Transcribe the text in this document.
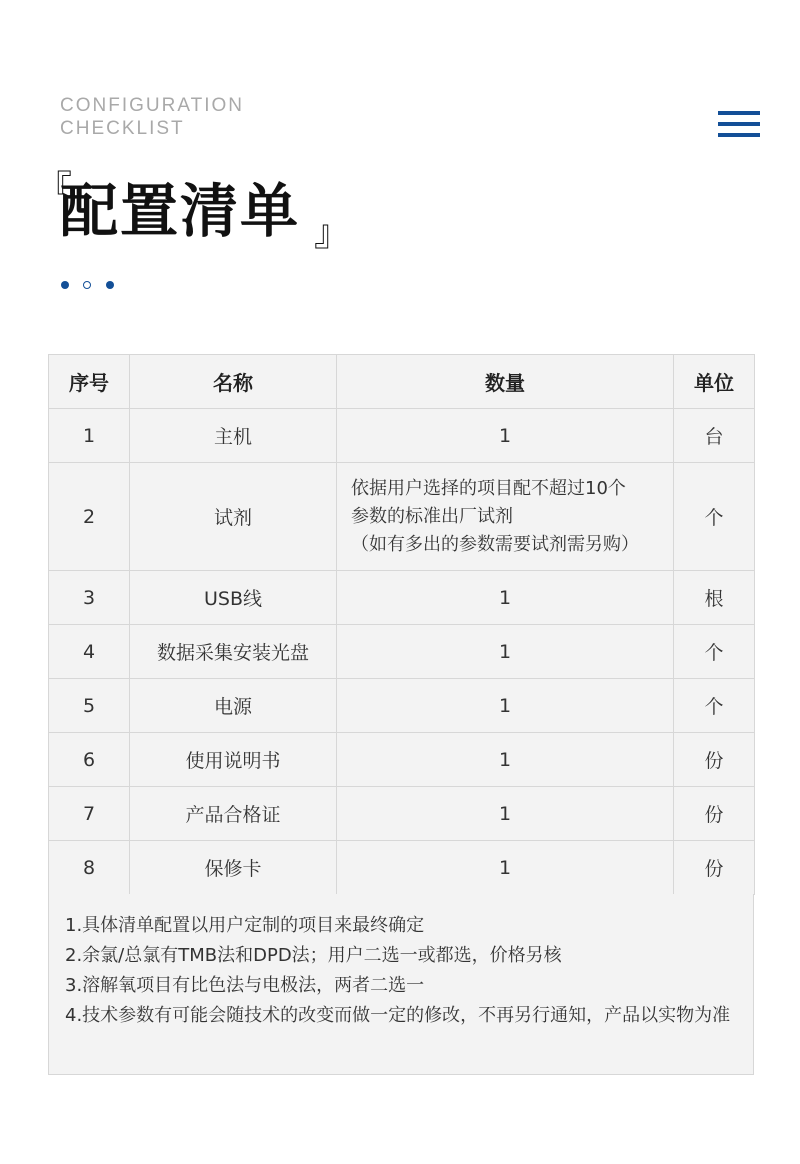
CONFIGURATION
CHECKLIST
『
配置清单 』
序号	名称	数量	单位
1	主机	1	台
2	试剂	依据用户选择的项目配不超过10个
参数的标准出厂试剂
（如有多出的参数需要试剂需另购）	个
3	USB线	1	根
4	数据采集安装光盘	1	个
5	电源	1	个
6	使用说明书	1	份
7	产品合格证	1	份
8	保修卡	1	份
1.具体清单配置以用户定制的项目来最终确定
2.余氯/总氯有TMB法和DPD法；用户二选一或都选，价格另核
3.溶解氧项目有比色法与电极法，两者二选一
4.技术参数有可能会随技术的改变而做一定的修改，不再另行通知，产品以实物为准
